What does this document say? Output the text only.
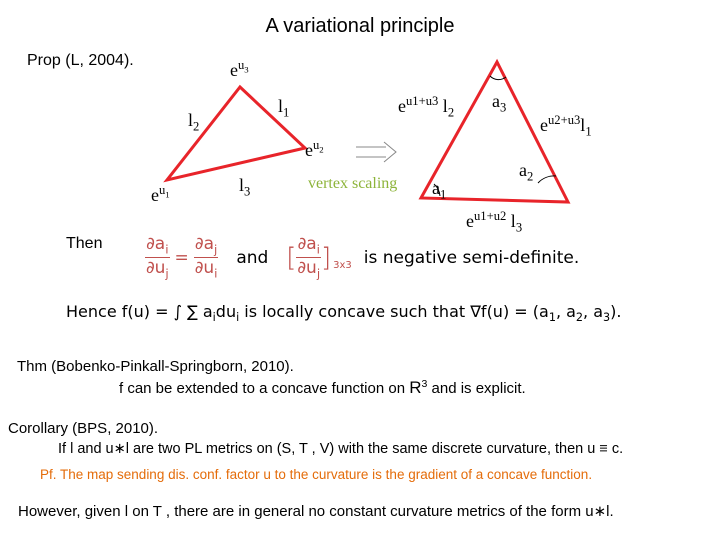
A variational principle
Prop (L, 2004).	$e^{u_3}$
$l_2$
$l_1$
$e^{u_2}$
$l_3$
$e^{u_1}$
vertex scaling
$e^{u1+u3}$ $l_2$
$a_3$
$e^{u2+u3}l_1$
$a_2$
$a_1$
$e^{u1+u2}$ $l_3$
Then	$\frac{\partial a_i}{\partial u_j} = \frac{\partial a_j}{\partial u_i}$ and [ $\frac{\partial a_i}{\partial u_j}$ ] 3x3 is negative semi-definite.
Hence f(u) = ∫ ∑ $a_idu_i$ is locally concave such that $\nabla f(u) = (a_1$, $a_2$, $a_3$).
Thm (Bobenko-Pinkall-Springborn, 2010).
f can be extended to a concave function on $R^3$ and is explicit.
Corollary (BPS, 2010).
If l and u∗l are two PL metrics on (S, T , V) with the same discrete curvature, then u ≡ c.
Pf. The map sending dis. conf. factor u to the curvature is the gradient of a concave function.
However, given l on T , there are in general no constant curvature metrics of the form u∗l.
